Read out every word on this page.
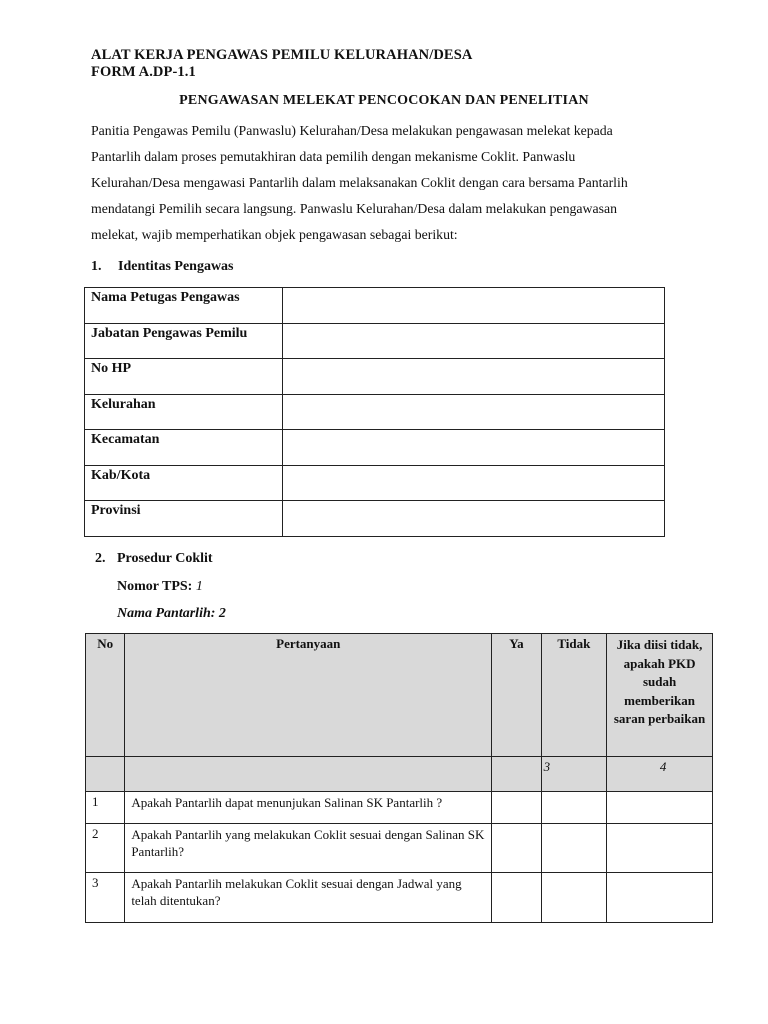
ALAT KERJA PENGAWAS PEMILU KELURAHAN/DESA
FORM A.DP-1.1
PENGAWASAN MELEKAT PENCOCOKAN DAN PENELITIAN
Panitia Pengawas Pemilu (Panwaslu) Kelurahan/Desa melakukan pengawasan melekat kepada
Pantarlih dalam proses pemutakhiran data pemilih dengan mekanisme Coklit. Panwaslu
Kelurahan/Desa mengawasi Pantarlih dalam melaksanakan Coklit dengan cara bersama Pantarlih
mendatangi Pemilih secara langsung. Panwaslu Kelurahan/Desa dalam melakukan pengawasan
melekat, wajib memperhatikan objek pengawasan sebagai berikut:
1. Identitas Pengawas
Nama Petugas Pengawas	
Jabatan Pengawas Pemilu	
No HP	
Kelurahan	
Kecamatan	
Kab/Kota	
Provinsi	
2. Prosedur Coklit
Nomor TPS: 1
Nama Pantarlih: 2
No	Pertanyaan	Ya	Tidak	Jika diisi tidak, apakah PKD sudah memberikan saran perbaikan
			3	4
1	Apakah Pantarlih dapat menunjukan Salinan SK Pantarlih ?			
2	Apakah Pantarlih yang melakukan Coklit sesuai dengan Salinan SK Pantarlih?			
3	Apakah Pantarlih melakukan Coklit sesuai dengan Jadwal yang telah ditentukan?			
